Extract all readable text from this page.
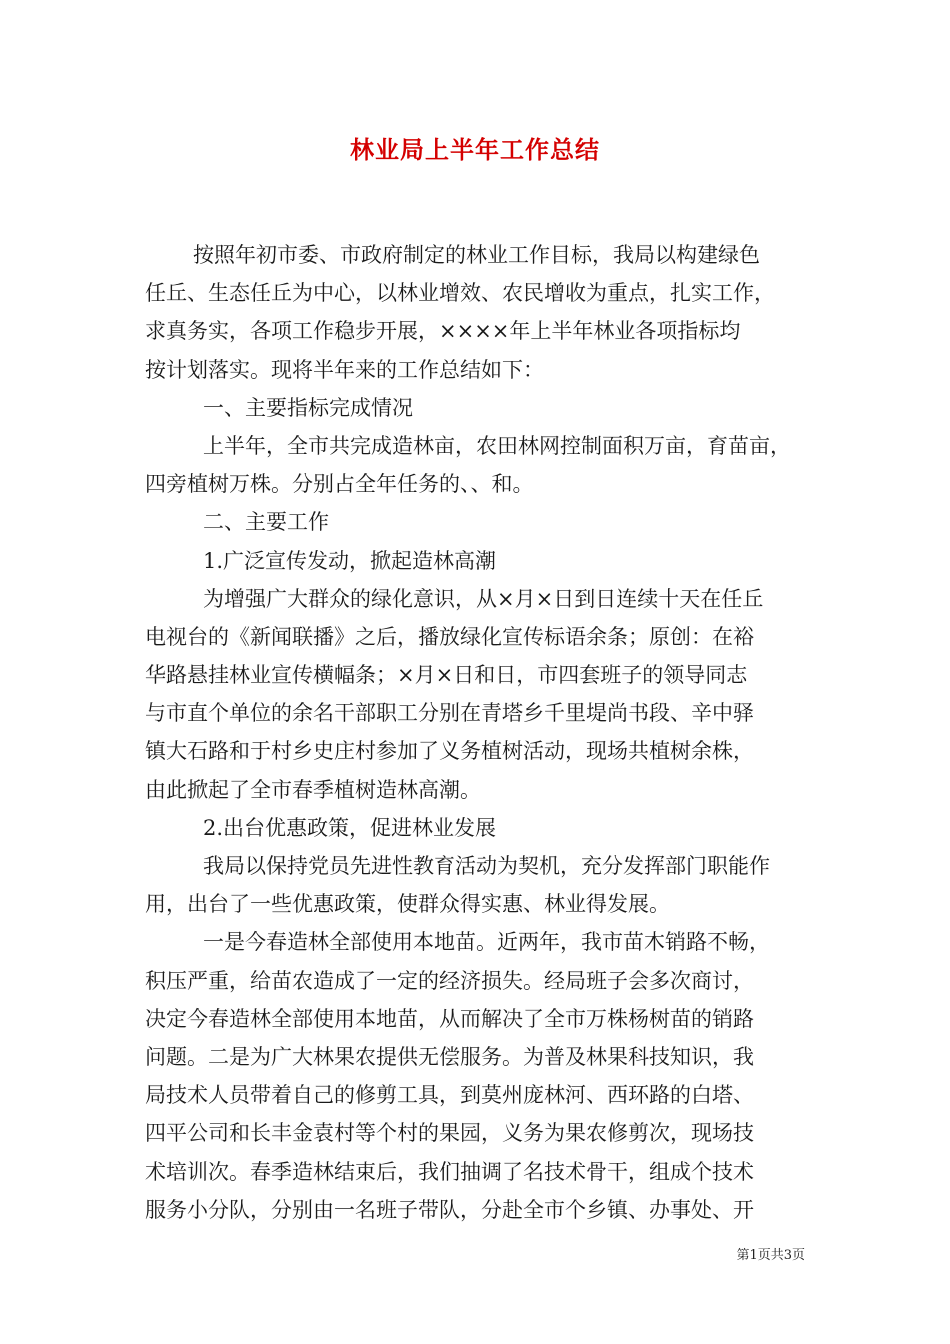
林业局上半年工作总结
按照年初市委、市政府制定的林业工作目标，我局以构建绿色
任丘、生态任丘为中心，以林业增效、农民增收为重点，扎实工作，
求真务实，各项工作稳步开展，××××年上半年林业各项指标均
按计划落实。现将半年来的工作总结如下：
一、主要指标完成情况
上半年，全市共完成造林亩，农田林网控制面积万亩，育苗亩，
四旁植树万株。分别占全年任务的、、和。
二、主要工作
1.广泛宣传发动，掀起造林高潮
为增强广大群众的绿化意识，从×月×日到日连续十天在任丘
电视台的《新闻联播》之后，播放绿化宣传标语余条；原创：在裕
华路悬挂林业宣传横幅条；×月×日和日，市四套班子的领导同志
与市直个单位的余名干部职工分别在青塔乡千里堤尚书段、辛中驿
镇大石路和于村乡史庄村参加了义务植树活动，现场共植树余株，
由此掀起了全市春季植树造林高潮。
2.出台优惠政策，促进林业发展
我局以保持党员先进性教育活动为契机，充分发挥部门职能作
用，出台了一些优惠政策，使群众得实惠、林业得发展。
一是今春造林全部使用本地苗。近两年，我市苗木销路不畅，
积压严重，给苗农造成了一定的经济损失。经局班子会多次商讨，
决定今春造林全部使用本地苗，从而解决了全市万株杨树苗的销路
问题。二是为广大林果农提供无偿服务。为普及林果科技知识，我
局技术人员带着自己的修剪工具，到莫州庞林河、西环路的白塔、
四平公司和长丰金袁村等个村的果园，义务为果农修剪次，现场技
术培训次。春季造林结束后，我们抽调了名技术骨干，组成个技术
服务小分队，分别由一名班子带队，分赴全市个乡镇、办事处、开
第1页共3页
